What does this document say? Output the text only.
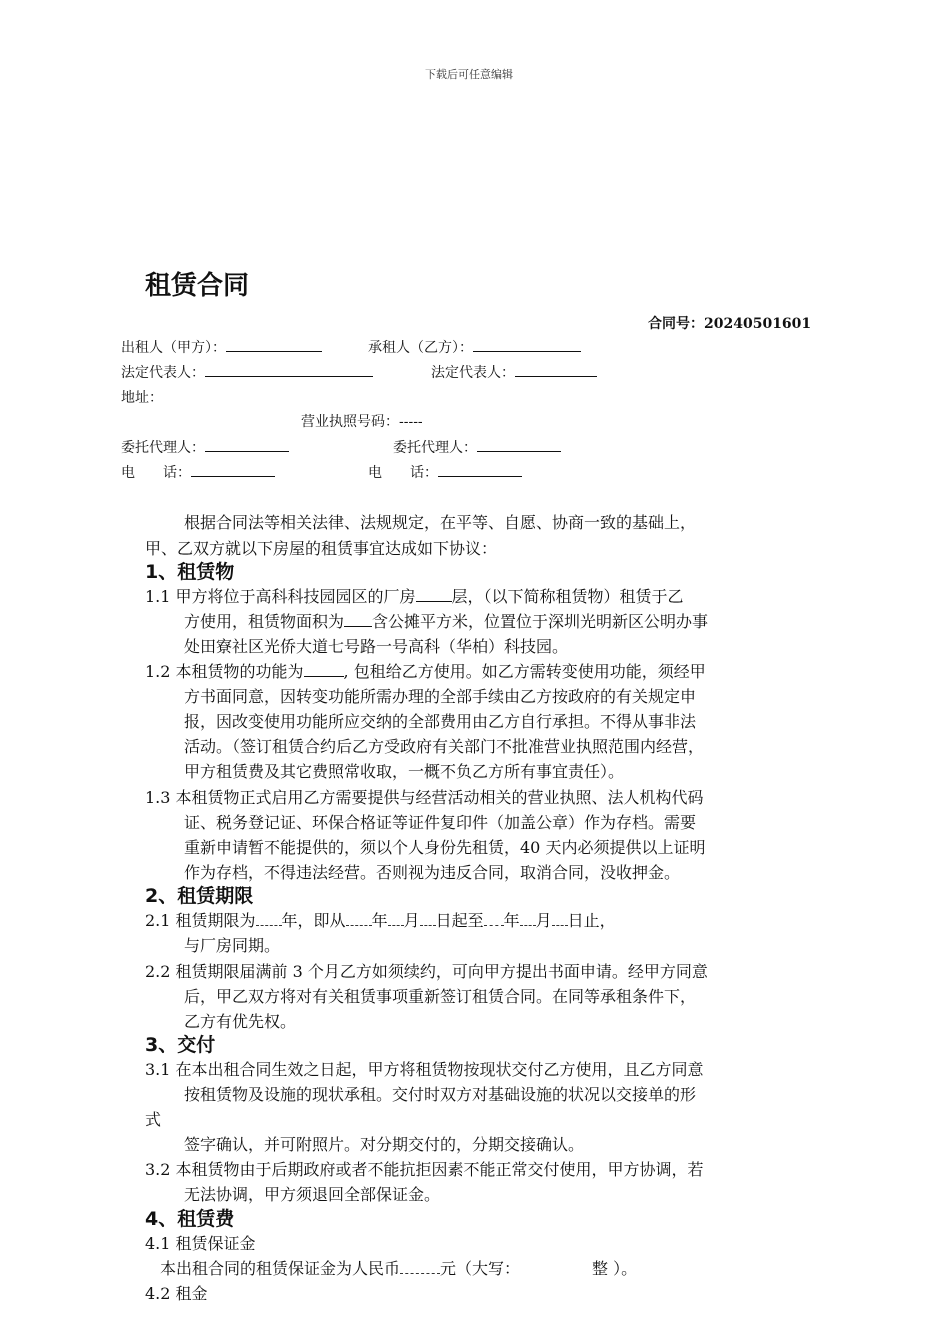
下载后可任意编辑
租赁合同
合同号：20240501601
出租人（甲方）：	承租人（乙方）：
法定代表人：	法定代表人：
地址：
营业执照号码：-----
委托代理人：	委托代理人：
电　　话：	电　　话：
根据合同法等相关法律、法规规定，在平等、自愿、协商一致的基础上，
甲、乙双方就以下房屋的租赁事宜达成如下协议：
1、租赁物
1.1 甲方将位于高科科技园园区的厂房 层，（以下简称租赁物）租赁于乙
方使用，租赁物面积为 含公摊平方米，位置位于深圳光明新区公明办事
处田寮社区光侨大道七号路一号高科（华柏）科技园。
1.2 本租赁物的功能为	, 包租给乙方使用。如乙方需转变使用功能，须经甲
方书面同意，因转变功能所需办理的全部手续由乙方按政府的有关规定申
报，因改变使用功能所应交纳的全部费用由乙方自行承担。不得从事非法
活动。（签订租赁合约后乙方受政府有关部门不批准营业执照范围内经营，
甲方租赁费及其它费照常收取，一概不负乙方所有事宜责任）。
1.3 本租赁物正式启用乙方需要提供与经营活动相关的营业执照、法人机构代码
证、税务登记证、环保合格证等证件复印件（加盖公章）作为存档。需要
重新申请暂不能提供的，须以个人身份先租赁，40 天内必须提供以上证明
作为存档，不得违法经营。否则视为违反合同，取消合同，没收押金。
2、租赁期限
2.1 租赁期限为 年，即从 年 月 日起至 年 月 日止，
与厂房同期。
2.2 租赁期限届满前 3 个月乙方如须续约，可向甲方提出书面申请。经甲方同意
后，甲乙双方将对有关租赁事项重新签订租赁合同。在同等承租条件下，
乙方有优先权。
3、交付
3.1 在本出租合同生效之日起，甲方将租赁物按现状交付乙方使用，且乙方同意
按租赁物及设施的现状承租。交付时双方对基础设施的状况以交接单的形
式
签字确认，并可附照片。对分期交付的，分期交接确认。
3.2 本租赁物由于后期政府或者不能抗拒因素不能正常交付使用，甲方协调，若
无法协调，甲方须退回全部保证金。
4、租赁费
4.1 租赁保证金
本出租合同的租赁保证金为人民币	元（大写：	整 ）。
4.2 租金
